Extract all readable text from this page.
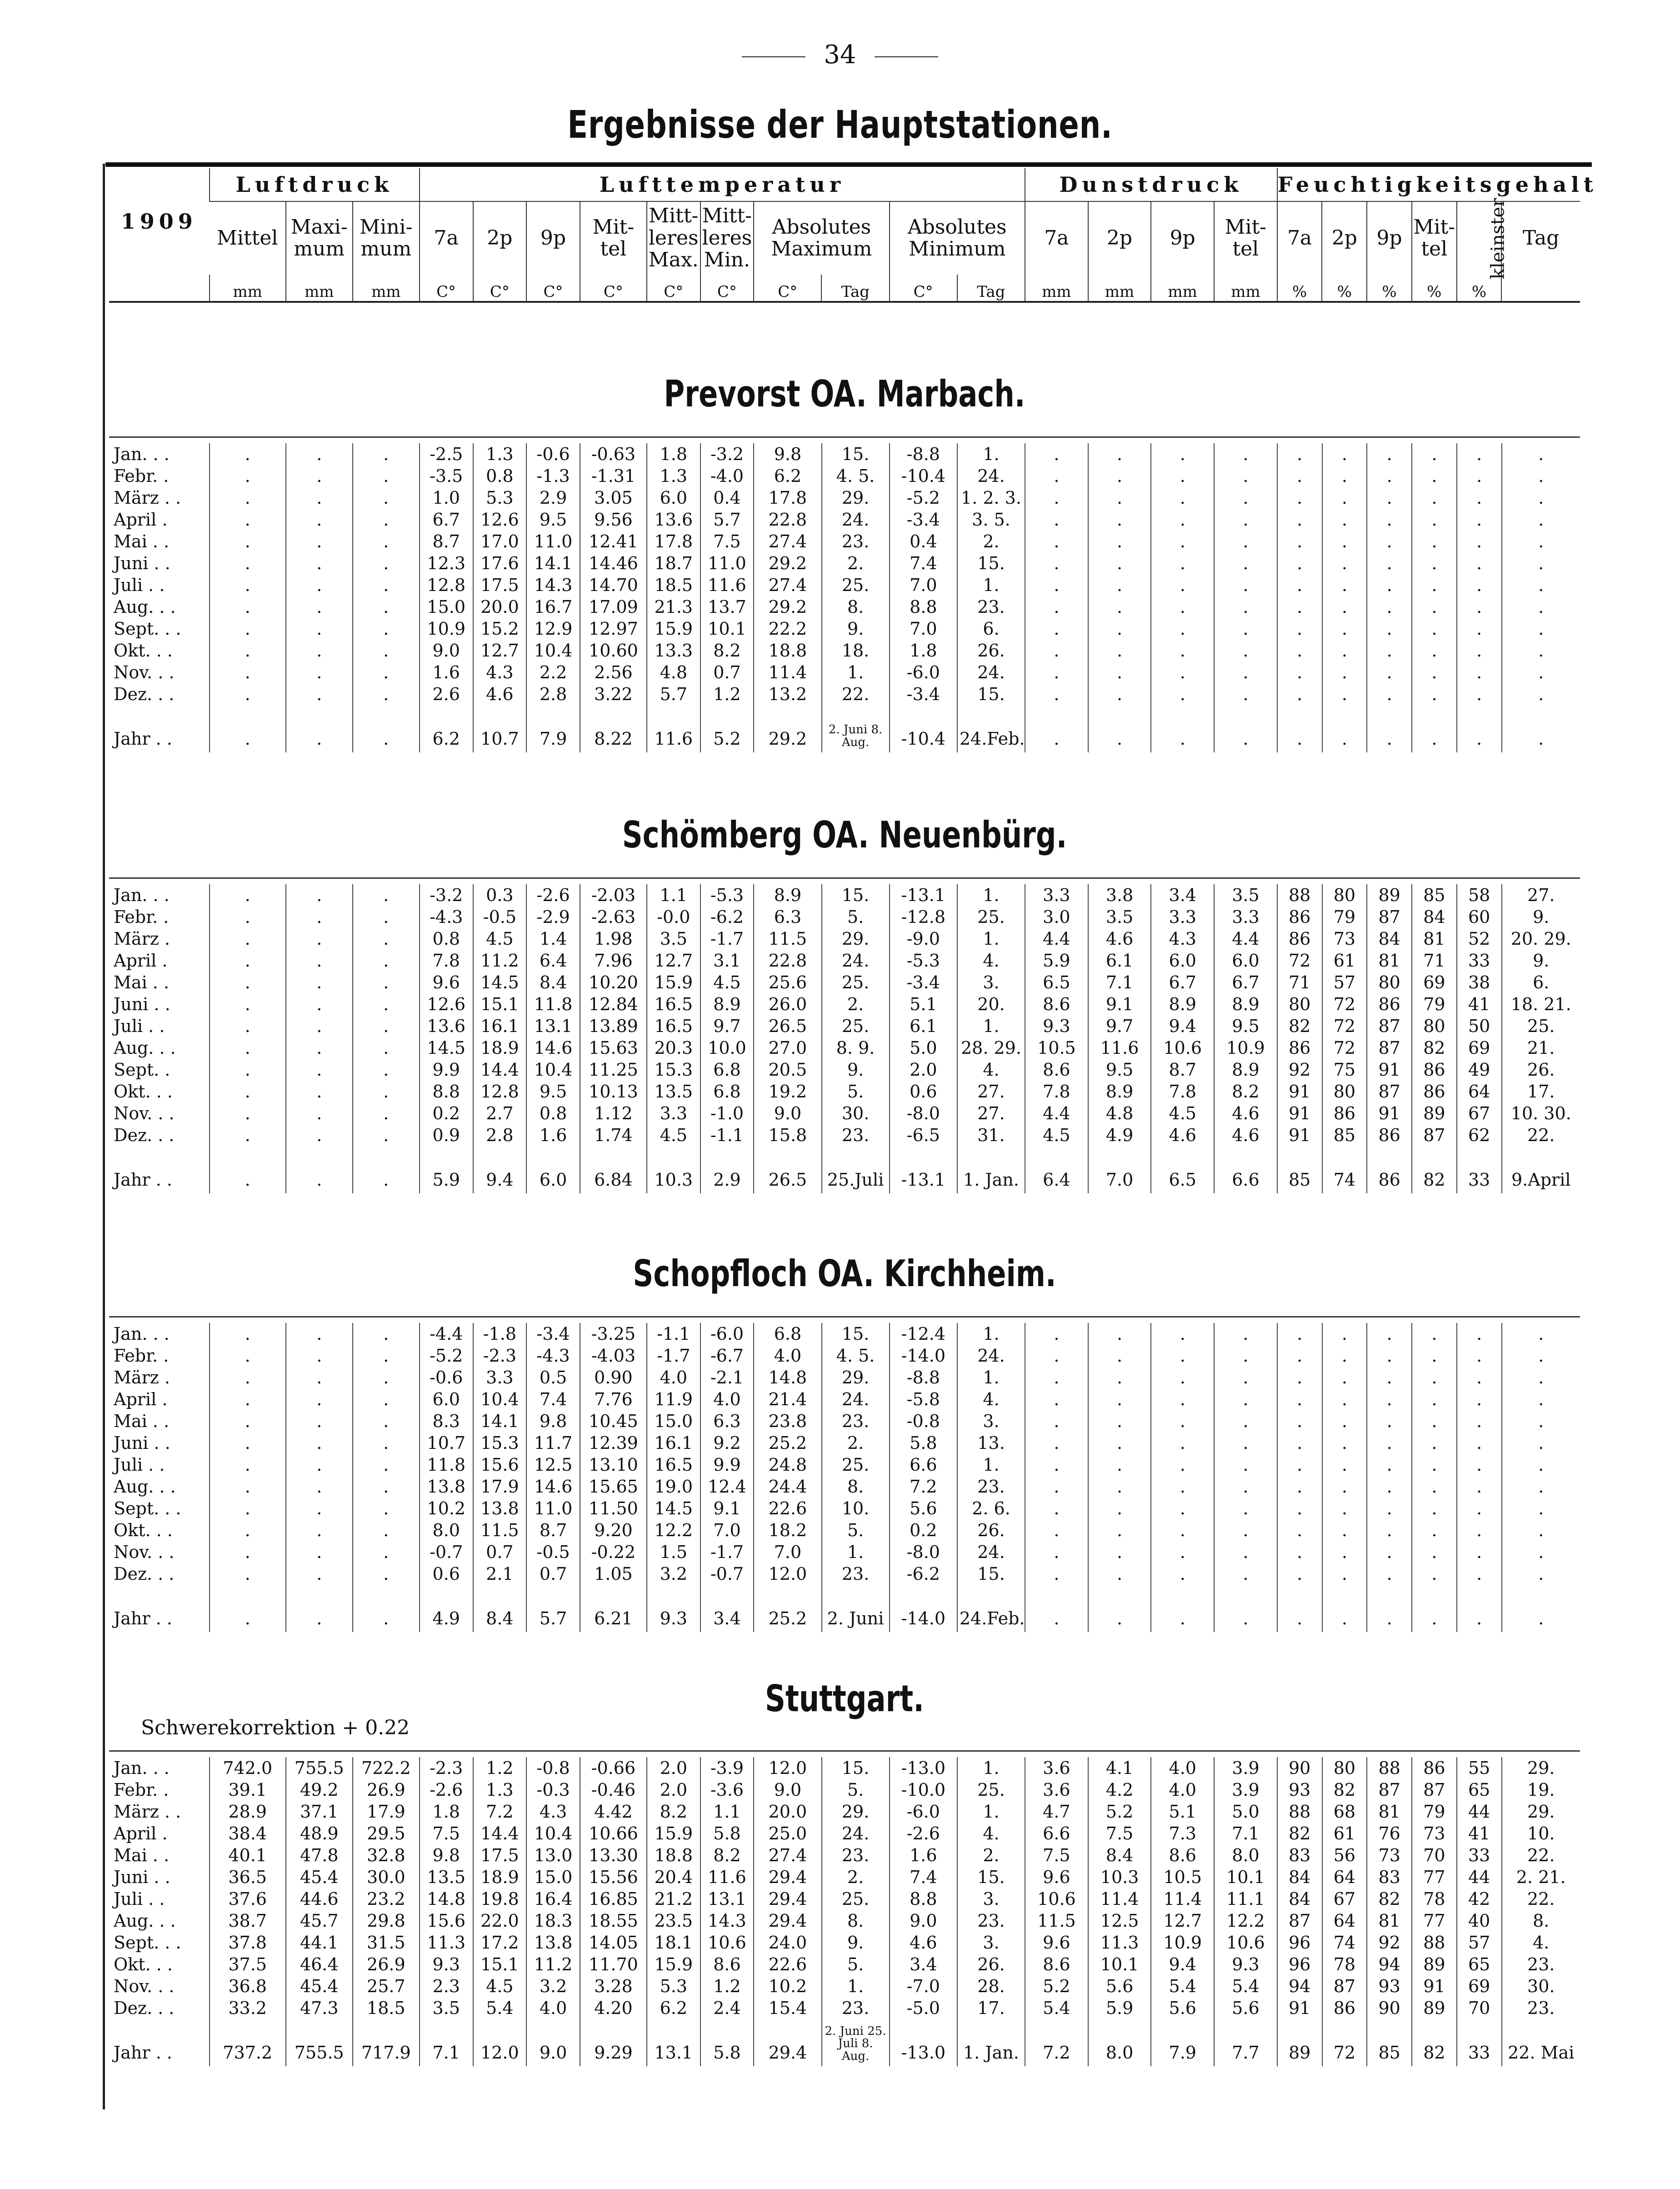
34
Ergebnisse der Hauptstationen.
1909	Luftdruck			Lufttemperatur										Dunstdruck				Feuchtigkeitsgehalt					
	Mittel	Maxi-mum	Mini-mum	7a	2p	9p	Mit-tel	Mitt-leres Max.	Mitt-leres Min.	Absolutes Maximum		Absolutes Minimum		7a	2p	9p	Mit-tel	7a	2p	9p	Mit-tel	kleinster	Tag
	mm	mm	mm	C°	C°	C°	C°	C°	C°	C°	Tag	C°	Tag	mm	mm	mm	mm	%	%	%	%	%	
Prevorst OA. Marbach.
Jan. . .	.	.	.	-2.5	1.3	-0.6	-0.63	1.8	-3.2	9.8	15.	-8.8	1.	.	.	.	.	.	.	.	.	.	.
Febr. .	.	.	.	-3.5	0.8	-1.3	-1.31	1.3	-4.0	6.2	4. 5.	-10.4	24.	.	.	.	.	.	.	.	.	.	.
März . .	.	.	.	1.0	5.3	2.9	3.05	6.0	0.4	17.8	29.	-5.2	1. 2. 3.	.	.	.	.	.	.	.	.	.	.
April .	.	.	.	6.7	12.6	9.5	9.56	13.6	5.7	22.8	24.	-3.4	3. 5.	.	.	.	.	.	.	.	.	.	.
Mai . .	.	.	.	8.7	17.0	11.0	12.41	17.8	7.5	27.4	23.	0.4	2.	.	.	.	.	.	.	.	.	.	.
Juni . .	.	.	.	12.3	17.6	14.1	14.46	18.7	11.0	29.2	2.	7.4	15.	.	.	.	.	.	.	.	.	.	.
Juli . .	.	.	.	12.8	17.5	14.3	14.70	18.5	11.6	27.4	25.	7.0	1.	.	.	.	.	.	.	.	.	.	.
Aug. . .	.	.	.	15.0	20.0	16.7	17.09	21.3	13.7	29.2	8.	8.8	23.	.	.	.	.	.	.	.	.	.	.
Sept. . .	.	.	.	10.9	15.2	12.9	12.97	15.9	10.1	22.2	9.	7.0	6.	.	.	.	.	.	.	.	.	.	.
Okt. . .	.	.	.	9.0	12.7	10.4	10.60	13.3	8.2	18.8	18.	1.8	26.	.	.	.	.	.	.	.	.	.	.
Nov. . .	.	.	.	1.6	4.3	2.2	2.56	4.8	0.7	11.4	1.	-6.0	24.	.	.	.	.	.	.	.	.	.	.
Dez. . .	.	.	.	2.6	4.6	2.8	3.22	5.7	1.2	13.2	22.	-3.4	15.	.	.	.	.	.	.	.	.	.	.
Jahr . .	.	.	.	6.2	10.7	7.9	8.22	11.6	5.2	29.2	2. Juni 8. Aug.	-10.4	24.Feb.	.	.	.	.	.	.	.	.	.	.
Schömberg OA. Neuenbürg.
Jan. . .	.	.	.	-3.2	0.3	-2.6	-2.03	1.1	-5.3	8.9	15.	-13.1	1.	3.3	3.8	3.4	3.5	88	80	89	85	58	27.
Febr. .	.	.	.	-4.3	-0.5	-2.9	-2.63	-0.0	-6.2	6.3	5.	-12.8	25.	3.0	3.5	3.3	3.3	86	79	87	84	60	9.
März .	.	.	.	0.8	4.5	1.4	1.98	3.5	-1.7	11.5	29.	-9.0	1.	4.4	4.6	4.3	4.4	86	73	84	81	52	20. 29.
April .	.	.	.	7.8	11.2	6.4	7.96	12.7	3.1	22.8	24.	-5.3	4.	5.9	6.1	6.0	6.0	72	61	81	71	33	9.
Mai . .	.	.	.	9.6	14.5	8.4	10.20	15.9	4.5	25.6	25.	-3.4	3.	6.5	7.1	6.7	6.7	71	57	80	69	38	6.
Juni . .	.	.	.	12.6	15.1	11.8	12.84	16.5	8.9	26.0	2.	5.1	20.	8.6	9.1	8.9	8.9	80	72	86	79	41	18. 21.
Juli . .	.	.	.	13.6	16.1	13.1	13.89	16.5	9.7	26.5	25.	6.1	1.	9.3	9.7	9.4	9.5	82	72	87	80	50	25.
Aug. . .	.	.	.	14.5	18.9	14.6	15.63	20.3	10.0	27.0	8. 9.	5.0	28. 29.	10.5	11.6	10.6	10.9	86	72	87	82	69	21.
Sept. .	.	.	.	9.9	14.4	10.4	11.25	15.3	6.8	20.5	9.	2.0	4.	8.6	9.5	8.7	8.9	92	75	91	86	49	26.
Okt. . .	.	.	.	8.8	12.8	9.5	10.13	13.5	6.8	19.2	5.	0.6	27.	7.8	8.9	7.8	8.2	91	80	87	86	64	17.
Nov. . .	.	.	.	0.2	2.7	0.8	1.12	3.3	-1.0	9.0	30.	-8.0	27.	4.4	4.8	4.5	4.6	91	86	91	89	67	10. 30.
Dez. . .	.	.	.	0.9	2.8	1.6	1.74	4.5	-1.1	15.8	23.	-6.5	31.	4.5	4.9	4.6	4.6	91	85	86	87	62	22.
Jahr . .	.	.	.	5.9	9.4	6.0	6.84	10.3	2.9	26.5	25.Juli	-13.1	1. Jan.	6.4	7.0	6.5	6.6	85	74	86	82	33	9.April
Schopfloch OA. Kirchheim.
Jan. . .	.	.	.	-4.4	-1.8	-3.4	-3.25	-1.1	-6.0	6.8	15.	-12.4	1.	.	.	.	.	.	.	.	.	.	.
Febr. .	.	.	.	-5.2	-2.3	-4.3	-4.03	-1.7	-6.7	4.0	4. 5.	-14.0	24.	.	.	.	.	.	.	.	.	.	.
März .	.	.	.	-0.6	3.3	0.5	0.90	4.0	-2.1	14.8	29.	-8.8	1.	.	.	.	.	.	.	.	.	.	.
April .	.	.	.	6.0	10.4	7.4	7.76	11.9	4.0	21.4	24.	-5.8	4.	.	.	.	.	.	.	.	.	.	.
Mai . .	.	.	.	8.3	14.1	9.8	10.45	15.0	6.3	23.8	23.	-0.8	3.	.	.	.	.	.	.	.	.	.	.
Juni . .	.	.	.	10.7	15.3	11.7	12.39	16.1	9.2	25.2	2.	5.8	13.	.	.	.	.	.	.	.	.	.	.
Juli . .	.	.	.	11.8	15.6	12.5	13.10	16.5	9.9	24.8	25.	6.6	1.	.	.	.	.	.	.	.	.	.	.
Aug. . .	.	.	.	13.8	17.9	14.6	15.65	19.0	12.4	24.4	8.	7.2	23.	.	.	.	.	.	.	.	.	.	.
Sept. . .	.	.	.	10.2	13.8	11.0	11.50	14.5	9.1	22.6	10.	5.6	2. 6.	.	.	.	.	.	.	.	.	.	.
Okt. . .	.	.	.	8.0	11.5	8.7	9.20	12.2	7.0	18.2	5.	0.2	26.	.	.	.	.	.	.	.	.	.	.
Nov. . .	.	.	.	-0.7	0.7	-0.5	-0.22	1.5	-1.7	7.0	1.	-8.0	24.	.	.	.	.	.	.	.	.	.	.
Dez. . .	.	.	.	0.6	2.1	0.7	1.05	3.2	-0.7	12.0	23.	-6.2	15.	.	.	.	.	.	.	.	.	.	.
Jahr . .	.	.	.	4.9	8.4	5.7	6.21	9.3	3.4	25.2	2. Juni	-14.0	24.Feb.	.	.	.	.	.	.	.	.	.	.
Stuttgart.
Schwerekorrektion + 0.22
Jan. . .	742.0	755.5	722.2	-2.3	1.2	-0.8	-0.66	2.0	-3.9	12.0	15.	-13.0	1.	3.6	4.1	4.0	3.9	90	80	88	86	55	29.
Febr. .	39.1	49.2	26.9	-2.6	1.3	-0.3	-0.46	2.0	-3.6	9.0	5.	-10.0	25.	3.6	4.2	4.0	3.9	93	82	87	87	65	19.
März . .	28.9	37.1	17.9	1.8	7.2	4.3	4.42	8.2	1.1	20.0	29.	-6.0	1.	4.7	5.2	5.1	5.0	88	68	81	79	44	29.
April .	38.4	48.9	29.5	7.5	14.4	10.4	10.66	15.9	5.8	25.0	24.	-2.6	4.	6.6	7.5	7.3	7.1	82	61	76	73	41	10.
Mai . .	40.1	47.8	32.8	9.8	17.5	13.0	13.30	18.8	8.2	27.4	23.	1.6	2.	7.5	8.4	8.6	8.0	83	56	73	70	33	22.
Juni . .	36.5	45.4	30.0	13.5	18.9	15.0	15.56	20.4	11.6	29.4	2.	7.4	15.	9.6	10.3	10.5	10.1	84	64	83	77	44	2. 21.
Juli . .	37.6	44.6	23.2	14.8	19.8	16.4	16.85	21.2	13.1	29.4	25.	8.8	3.	10.6	11.4	11.4	11.1	84	67	82	78	42	22.
Aug. . .	38.7	45.7	29.8	15.6	22.0	18.3	18.55	23.5	14.3	29.4	8.	9.0	23.	11.5	12.5	12.7	12.2	87	64	81	77	40	8.
Sept. . .	37.8	44.1	31.5	11.3	17.2	13.8	14.05	18.1	10.6	24.0	9.	4.6	3.	9.6	11.3	10.9	10.6	96	74	92	88	57	4.
Okt. . .	37.5	46.4	26.9	9.3	15.1	11.2	11.70	15.9	8.6	22.6	5.	3.4	26.	8.6	10.1	9.4	9.3	96	78	94	89	65	23.
Nov. . .	36.8	45.4	25.7	2.3	4.5	3.2	3.28	5.3	1.2	10.2	1.	-7.0	28.	5.2	5.6	5.4	5.4	94	87	93	91	69	30.
Dez. . .	33.2	47.3	18.5	3.5	5.4	4.0	4.20	6.2	2.4	15.4	23.	-5.0	17.	5.4	5.9	5.6	5.6	91	86	90	89	70	23.
Jahr . .	737.2	755.5	717.9	7.1	12.0	9.0	9.29	13.1	5.8	29.4	2. Juni 25. Juli 8. Aug.	-13.0	1. Jan.	7.2	8.0	7.9	7.7	89	72	85	82	33	22. Mai
